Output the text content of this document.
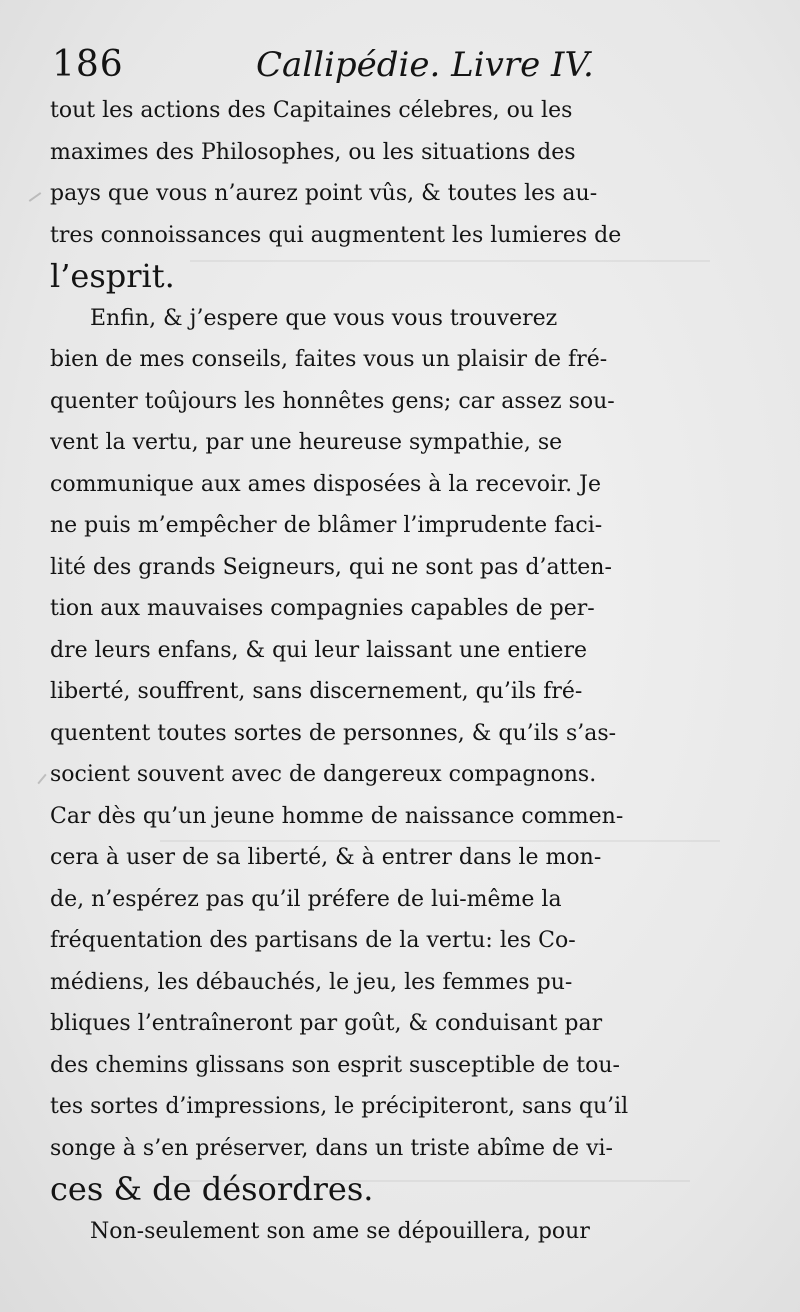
186	Callipédie. Livre IV.
tout les actions des Capitaines célebres, ou les
maximes des Philosophes, ou les situations des
pays que vous n’aurez point vûs, & toutes les au-
tres connoissances qui augmentent les lumieres de
l’esprit.
Enfin, & j’espere que vous vous trouverez
bien de mes conseils, faites vous un plaisir de fré-
quenter toûjours les honnêtes gens; car assez sou-
vent la vertu, par une heureuse sympathie, se
communique aux ames disposées à la recevoir. Je
ne puis m’empêcher de blâmer l’imprudente faci-
lité des grands Seigneurs, qui ne sont pas d’atten-
tion aux mauvaises compagnies capables de per-
dre leurs enfans, & qui leur laissant une entiere
liberté, souffrent, sans discernement, qu’ils fré-
quentent toutes sortes de personnes, & qu’ils s’as-
socient souvent avec de dangereux compagnons.
Car dès qu’un jeune homme de naissance commen-
cera à user de sa liberté, & à entrer dans le mon-
de, n’espérez pas qu’il préfere de lui-même la
fréquentation des partisans de la vertu: les Co-
médiens, les débauchés, le jeu, les femmes pu-
bliques l’entraîneront par goût, & conduisant par
des chemins glissans son esprit susceptible de tou-
tes sortes d’impressions, le précipiteront, sans qu’il
songe à s’en préserver, dans un triste abîme de vi-
ces & de désordres.
Non-seulement son ame se dépouillera, pour
